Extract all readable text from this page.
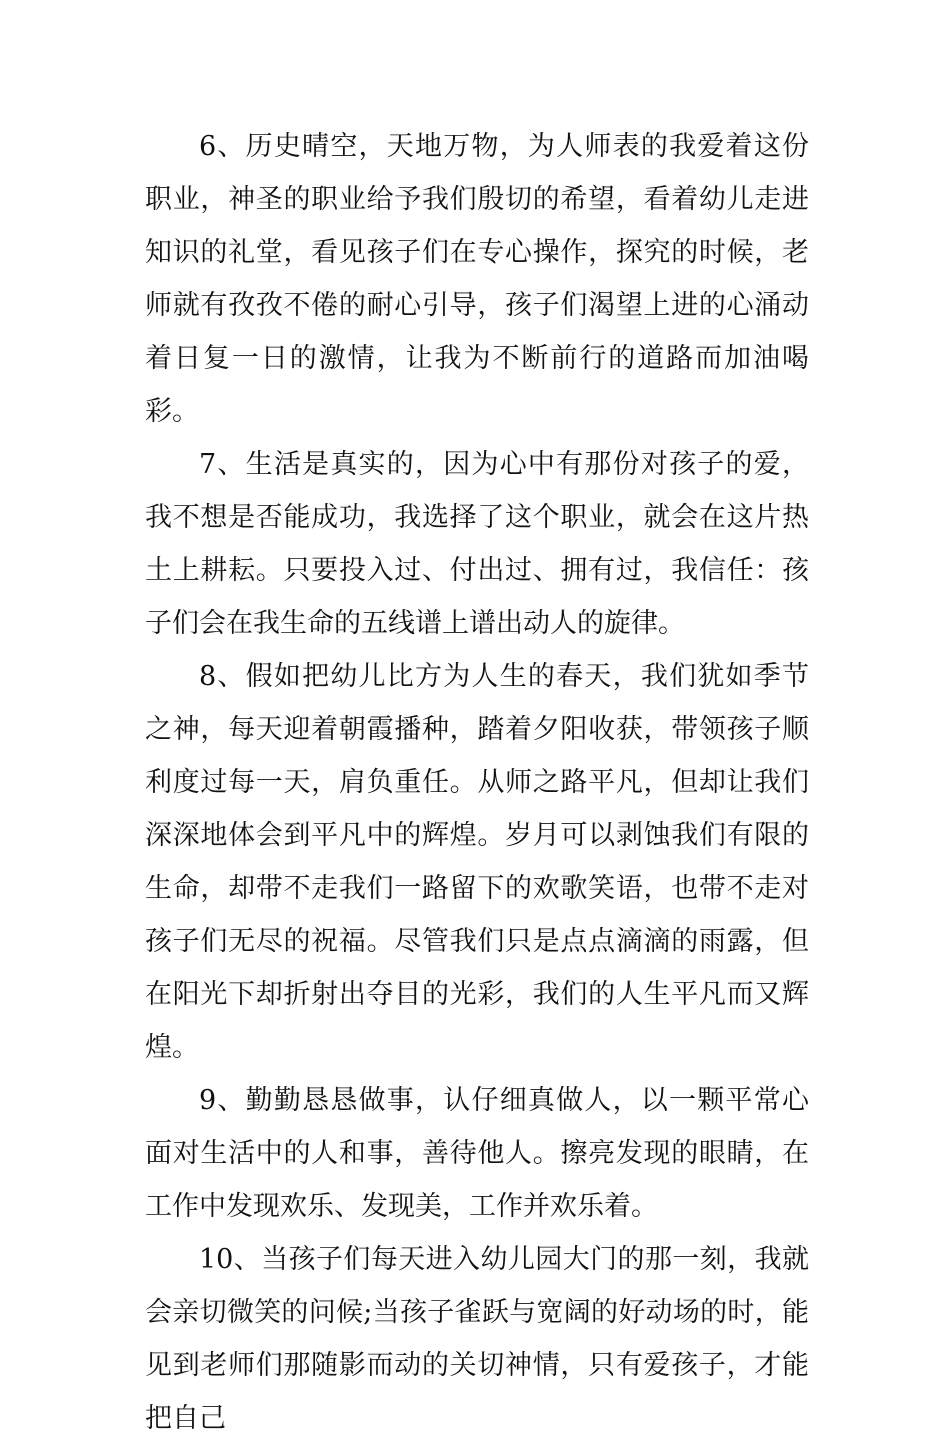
6、历史晴空，天地万物，为人师表的我爱着这份职业，神圣的职业给予我们殷切的希望，看着幼儿走进知识的礼堂，看见孩子们在专心操作，探究的时候，老师就有孜孜不倦的耐心引导，孩子们渴望上进的心涌动着日复一日的激情，让我为不断前行的道路而加油喝彩。

7、生活是真实的，因为心中有那份对孩子的爱，我不想是否能成功，我选择了这个职业，就会在这片热土上耕耘。只要投入过、付出过、拥有过，我信任：孩子们会在我生命的五线谱上谱出动人的旋律。

8、假如把幼儿比方为人生的春天，我们犹如季节之神，每天迎着朝霞播种，踏着夕阳收获，带领孩子顺利度过每一天，肩负重任。从师之路平凡，但却让我们深深地体会到平凡中的辉煌。岁月可以剥蚀我们有限的生命，却带不走我们一路留下的欢歌笑语，也带不走对孩子们无尽的祝福。尽管我们只是点点滴滴的雨露，但在阳光下却折射出夺目的光彩，我们的人生平凡而又辉煌。

9、勤勤恳恳做事，认仔细真做人，以一颗平常心面对生活中的人和事，善待他人。擦亮发现的眼睛，在工作中发现欢乐、发现美，工作并欢乐着。

10、当孩子们每天进入幼儿园大门的那一刻，我就会亲切微笑的问候;当孩子雀跃与宽阔的好动场的时，能见到老师们那随影而动的关切神情，只有爱孩子，才能把自己
